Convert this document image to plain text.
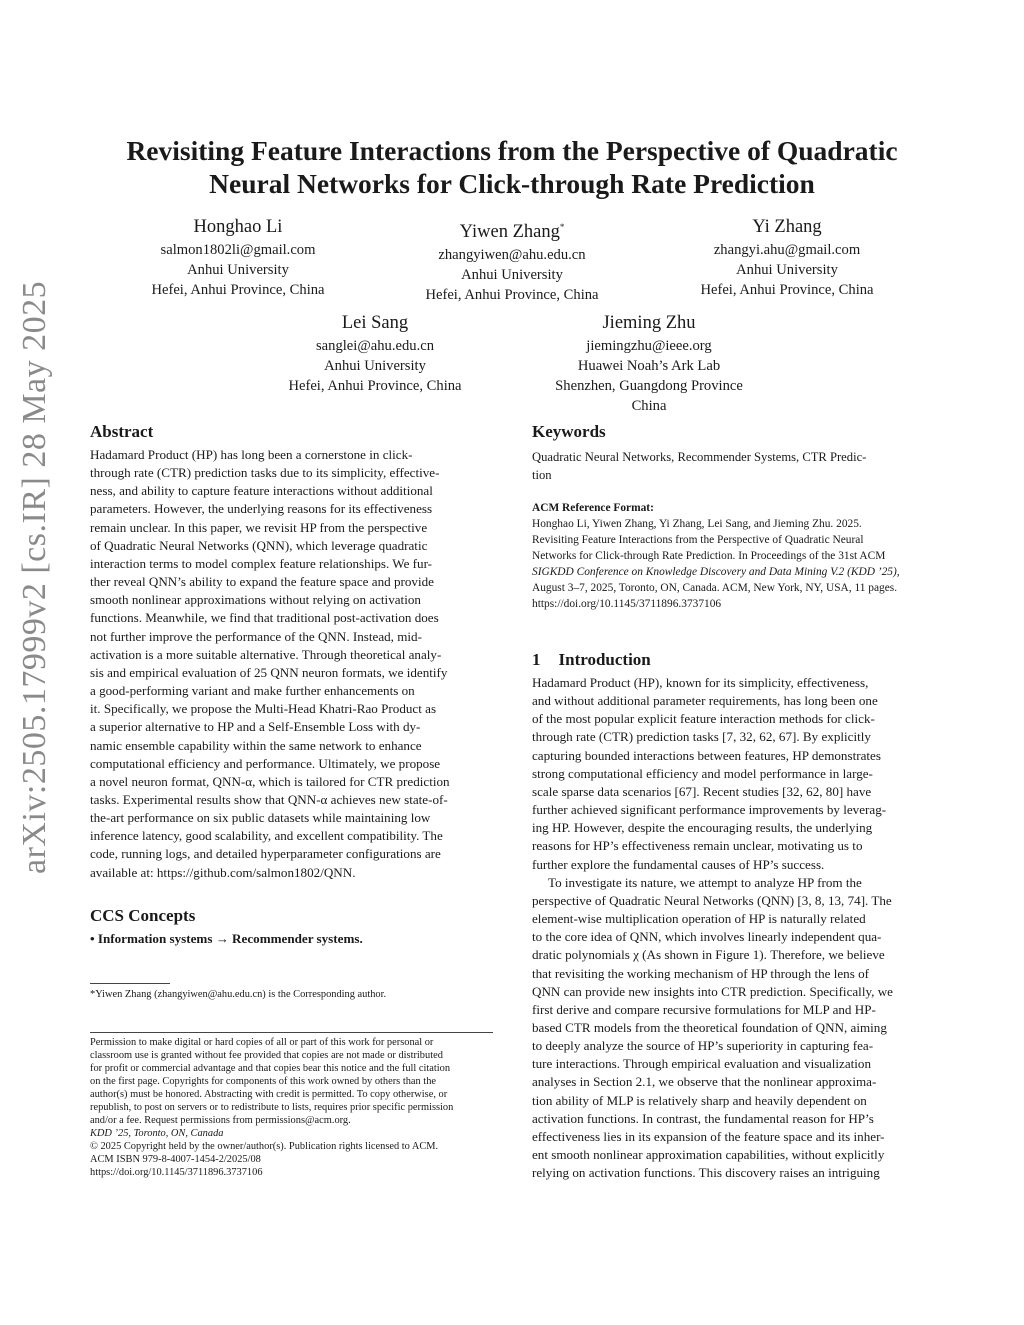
arXiv:2505.17999v2 [cs.IR] 28 May 2025
Revisiting Feature Interactions from the Perspective of Quadratic
Neural Networks for Click-through Rate Prediction
Honghao Li
salmon1802li@gmail.com
Anhui University
Hefei, Anhui Province, China
Yiwen Zhang*
zhangyiwen@ahu.edu.cn
Anhui University
Hefei, Anhui Province, China
Yi Zhang
zhangyi.ahu@gmail.com
Anhui University
Hefei, Anhui Province, China
Lei Sang
sanglei@ahu.edu.cn
Anhui University
Hefei, Anhui Province, China
Jieming Zhu
jiemingzhu@ieee.org
Huawei Noah’s Ark Lab
Shenzhen, Guangdong Province
China
Abstract
Hadamard Product (HP) has long been a cornerstone in click-
through rate (CTR) prediction tasks due to its simplicity, effective-
ness, and ability to capture feature interactions without additional
parameters. However, the underlying reasons for its effectiveness
remain unclear. In this paper, we revisit HP from the perspective
of Quadratic Neural Networks (QNN), which leverage quadratic
interaction terms to model complex feature relationships. We fur-
ther reveal QNN’s ability to expand the feature space and provide
smooth nonlinear approximations without relying on activation
functions. Meanwhile, we find that traditional post-activation does
not further improve the performance of the QNN. Instead, mid-
activation is a more suitable alternative. Through theoretical analy-
sis and empirical evaluation of 25 QNN neuron formats, we identify
a good-performing variant and make further enhancements on
it. Specifically, we propose the Multi-Head Khatri-Rao Product as
a superior alternative to HP and a Self-Ensemble Loss with dy-
namic ensemble capability within the same network to enhance
computational efficiency and performance. Ultimately, we propose
a novel neuron format, QNN-α, which is tailored for CTR prediction
tasks. Experimental results show that QNN-α achieves new state-of-
the-art performance on six public datasets while maintaining low
inference latency, good scalability, and excellent compatibility. The
code, running logs, and detailed hyperparameter configurations are
available at: https://github.com/salmon1802/QNN.
CCS Concepts
• Information systems → Recommender systems.
*Yiwen Zhang (zhangyiwen@ahu.edu.cn) is the Corresponding author.
Permission to make digital or hard copies of all or part of this work for personal or
classroom use is granted without fee provided that copies are not made or distributed
for profit or commercial advantage and that copies bear this notice and the full citation
on the first page. Copyrights for components of this work owned by others than the
author(s) must be honored. Abstracting with credit is permitted. To copy otherwise, or
republish, to post on servers or to redistribute to lists, requires prior specific permission
and/or a fee. Request permissions from permissions@acm.org.
KDD ’25, Toronto, ON, Canada
© 2025 Copyright held by the owner/author(s). Publication rights licensed to ACM.
ACM ISBN 979-8-4007-1454-2/2025/08
https://doi.org/10.1145/3711896.3737106
Keywords
Quadratic Neural Networks, Recommender Systems, CTR Predic-
tion
ACM Reference Format:
Honghao Li, Yiwen Zhang, Yi Zhang, Lei Sang, and Jieming Zhu. 2025.
Revisiting Feature Interactions from the Perspective of Quadratic Neural
Networks for Click-through Rate Prediction. In Proceedings of the 31st ACM
SIGKDD Conference on Knowledge Discovery and Data Mining V.2 (KDD ’25),
August 3–7, 2025, Toronto, ON, Canada. ACM, New York, NY, USA, 11 pages.
https://doi.org/10.1145/3711896.3737106
1 Introduction
Hadamard Product (HP), known for its simplicity, effectiveness,
and without additional parameter requirements, has long been one
of the most popular explicit feature interaction methods for click-
through rate (CTR) prediction tasks [7, 32, 62, 67]. By explicitly
capturing bounded interactions between features, HP demonstrates
strong computational efficiency and model performance in large-
scale sparse data scenarios [67]. Recent studies [32, 62, 80] have
further achieved significant performance improvements by leverag-
ing HP. However, despite the encouraging results, the underlying
reasons for HP’s effectiveness remain unclear, motivating us to
further explore the fundamental causes of HP’s success.
To investigate its nature, we attempt to analyze HP from the
perspective of Quadratic Neural Networks (QNN) [3, 8, 13, 74]. The
element-wise multiplication operation of HP is naturally related
to the core idea of QNN, which involves linearly independent qua-
dratic polynomials χ (As shown in Figure 1). Therefore, we believe
that revisiting the working mechanism of HP through the lens of
QNN can provide new insights into CTR prediction. Specifically, we
first derive and compare recursive formulations for MLP and HP-
based CTR models from the theoretical foundation of QNN, aiming
to deeply analyze the source of HP’s superiority in capturing fea-
ture interactions. Through empirical evaluation and visualization
analyses in Section 2.1, we observe that the nonlinear approxima-
tion ability of MLP is relatively sharp and heavily dependent on
activation functions. In contrast, the fundamental reason for HP’s
effectiveness lies in its expansion of the feature space and its inher-
ent smooth nonlinear approximation capabilities, without explicitly
relying on activation functions. This discovery raises an intriguing
